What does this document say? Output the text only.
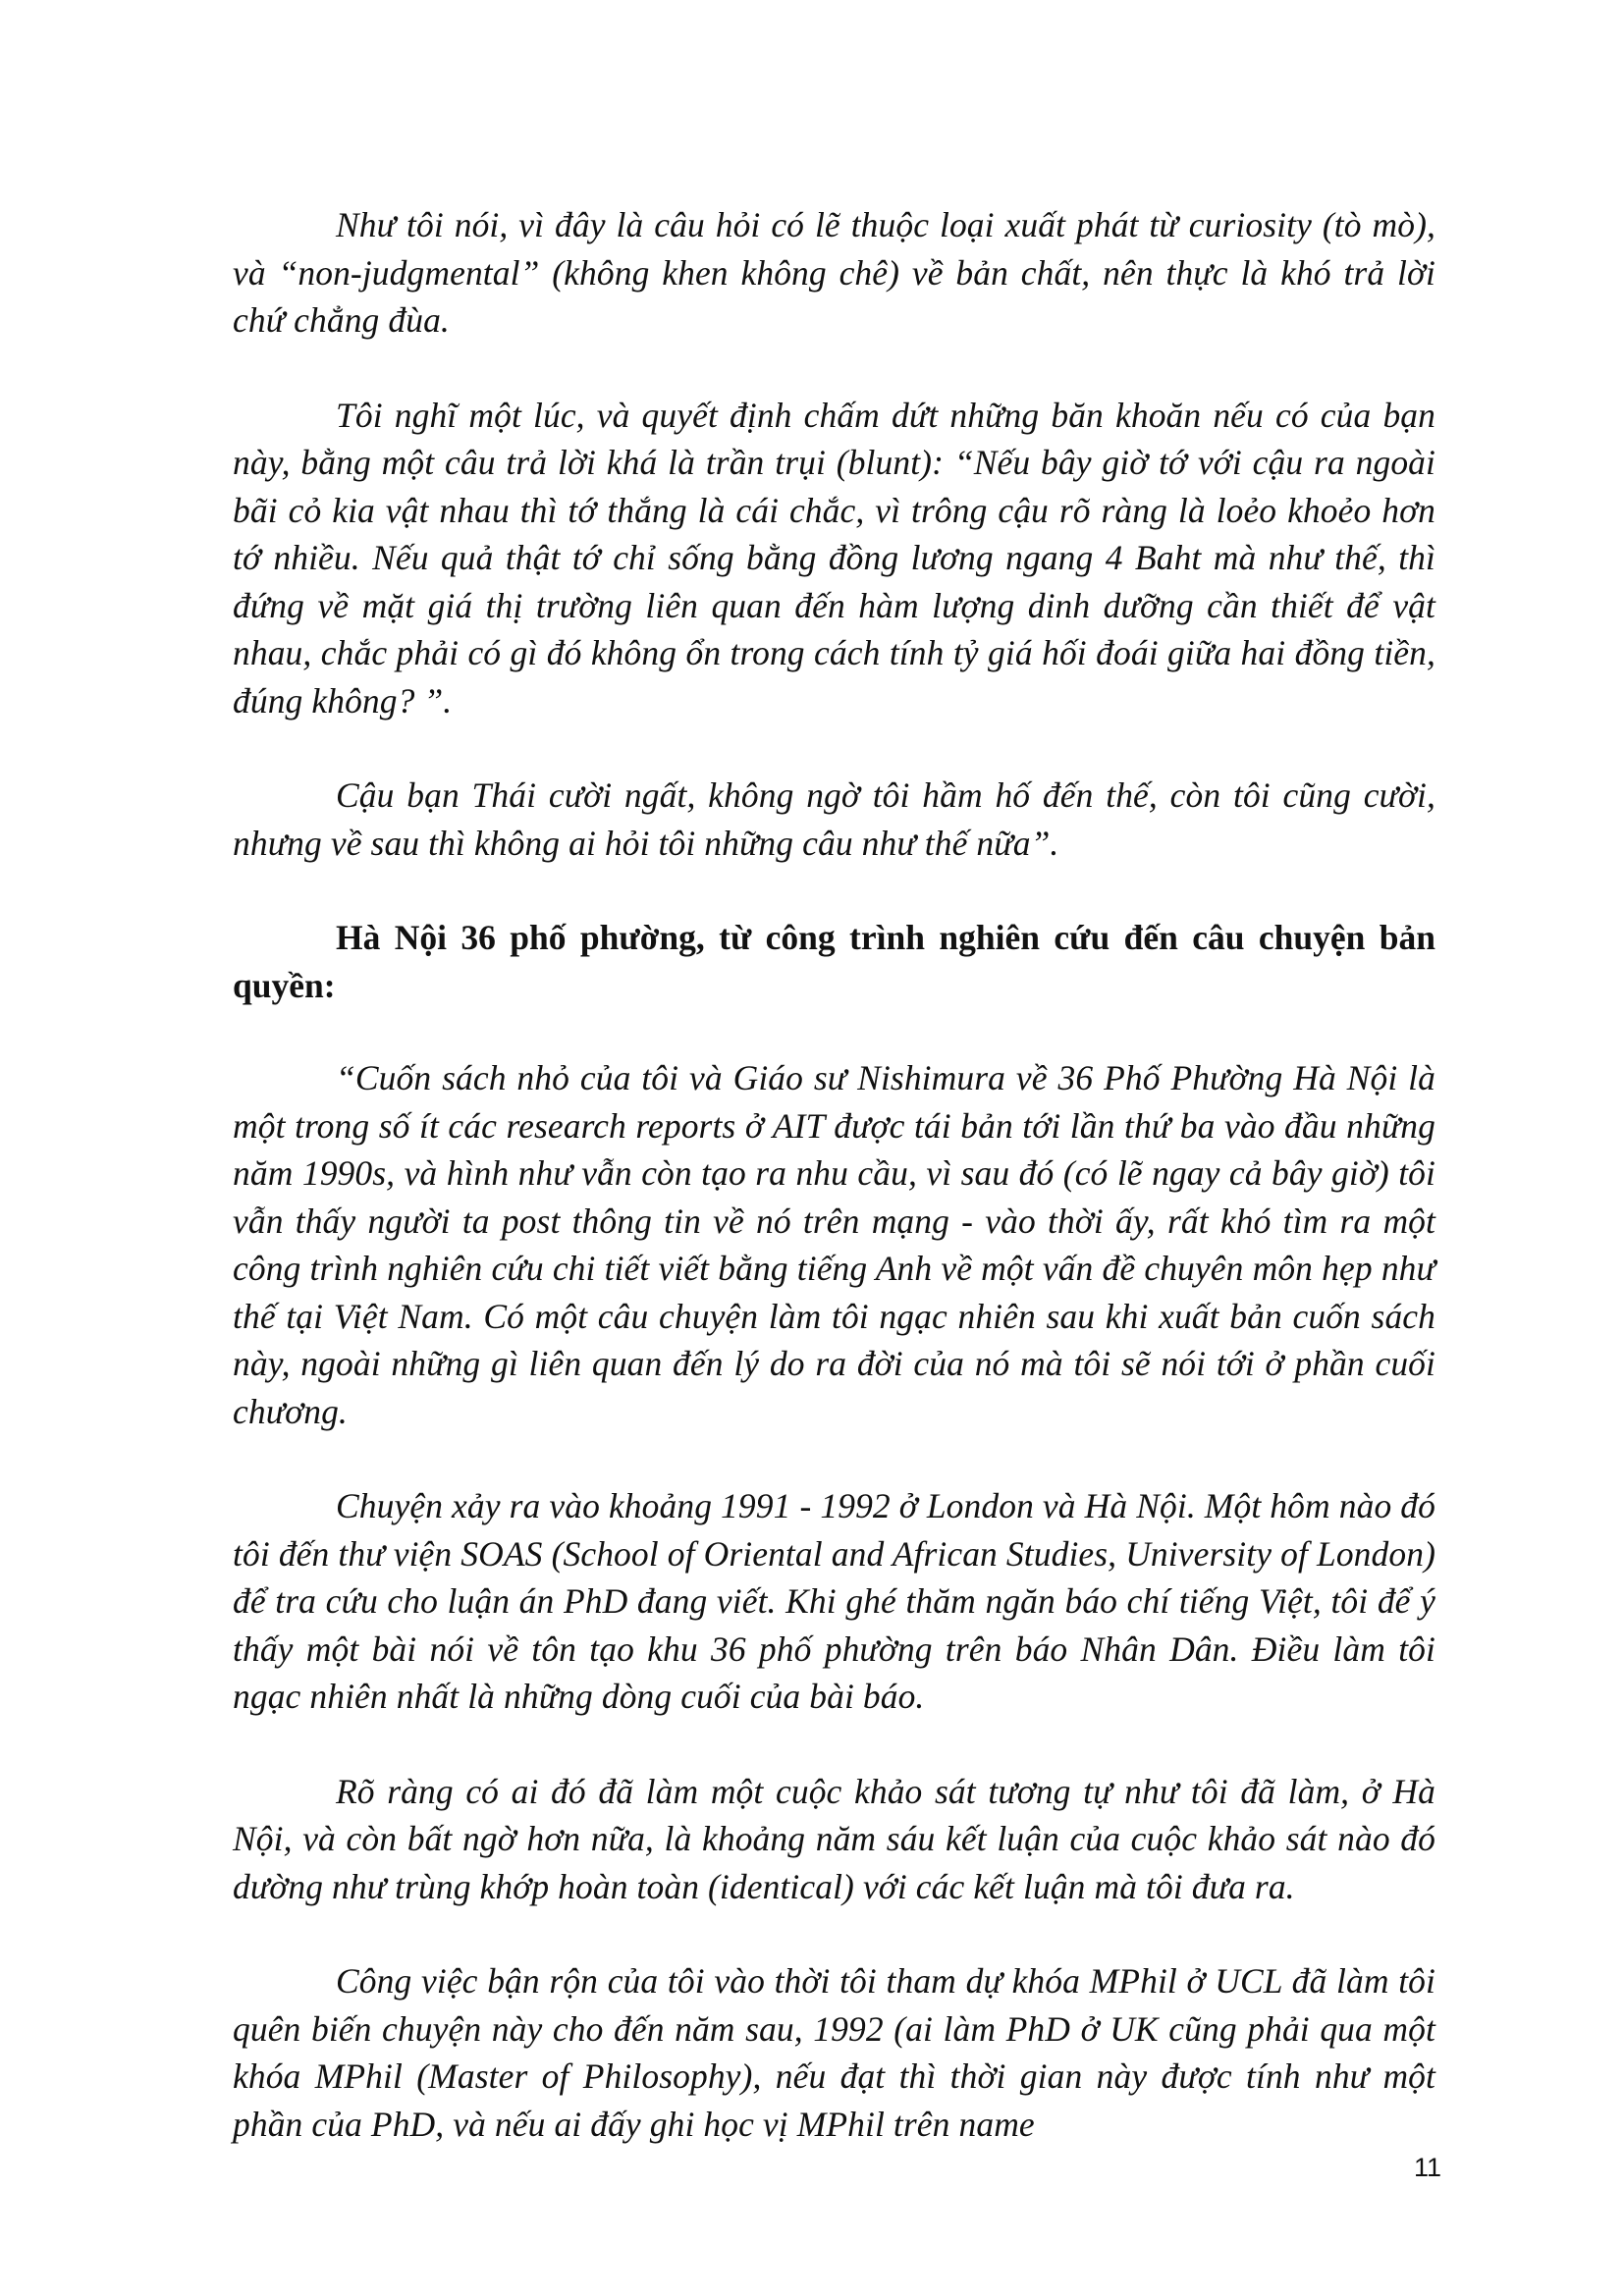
Như tôi nói, vì đây là câu hỏi có lẽ thuộc loại xuất phát từ curiosity (tò mò), và “non-judgmental” (không khen không chê) về bản chất, nên thực là khó trả lời chứ chẳng đùa.

Tôi nghĩ một lúc, và quyết định chấm dứt những băn khoăn nếu có của bạn này, bằng một câu trả lời khá là trần trụi (blunt): “Nếu bây giờ tớ với cậu ra ngoài bãi cỏ kia vật nhau thì tớ thắng là cái chắc, vì trông cậu rõ ràng là loẻo khoẻo hơn tớ nhiều. Nếu quả thật tớ chỉ sống bằng đồng lương ngang 4 Baht mà như thế, thì đứng về mặt giá thị trường liên quan đến hàm lượng dinh dưỡng cần thiết để vật nhau, chắc phải có gì đó không ổn trong cách tính tỷ giá hối đoái giữa hai đồng tiền, đúng không? ”.

Cậu bạn Thái cười ngất, không ngờ tôi hầm hố đến thế, còn tôi cũng cười, nhưng về sau thì không ai hỏi tôi những câu như thế nữa”.

Hà Nội 36 phố phường, từ công trình nghiên cứu đến câu chuyện bản quyền:

“Cuốn sách nhỏ của tôi và Giáo sư Nishimura về 36 Phố Phường Hà Nội là một trong số ít các research reports ở AIT được tái bản tới lần thứ ba vào đầu những năm 1990s, và hình như vẫn còn tạo ra nhu cầu, vì sau đó (có lẽ ngay cả bây giờ) tôi vẫn thấy người ta post thông tin về nó trên mạng - vào thời ấy, rất khó tìm ra một công trình nghiên cứu chi tiết viết bằng tiếng Anh về một vấn đề chuyên môn hẹp như thế tại Việt Nam. Có một câu chuyện làm tôi ngạc nhiên sau khi xuất bản cuốn sách này, ngoài những gì liên quan đến lý do ra đời của nó mà tôi sẽ nói tới ở phần cuối chương.

Chuyện xảy ra vào khoảng 1991 - 1992 ở London và Hà Nội. Một hôm nào đó tôi đến thư viện SOAS (School of Oriental and African Studies, University of London) để tra cứu cho luận án PhD đang viết. Khi ghé thăm ngăn báo chí tiếng Việt, tôi để ý thấy một bài nói về tôn tạo khu 36 phố phường trên báo Nhân Dân. Điều làm tôi ngạc nhiên nhất là những dòng cuối của bài báo.

Rõ ràng có ai đó đã làm một cuộc khảo sát tương tự như tôi đã làm, ở Hà Nội, và còn bất ngờ hơn nữa, là khoảng năm sáu kết luận của cuộc khảo sát nào đó dường như trùng khớp hoàn toàn (identical) với các kết luận mà tôi đưa ra.

Công việc bận rộn của tôi vào thời tôi tham dự khóa MPhil ở UCL đã làm tôi quên biến chuyện này cho đến năm sau, 1992 (ai làm PhD ở UK cũng phải qua một khóa MPhil (Master of Philosophy), nếu đạt thì thời gian này được tính như một phần của PhD, và nếu ai đấy ghi học vị MPhil trên name

11
